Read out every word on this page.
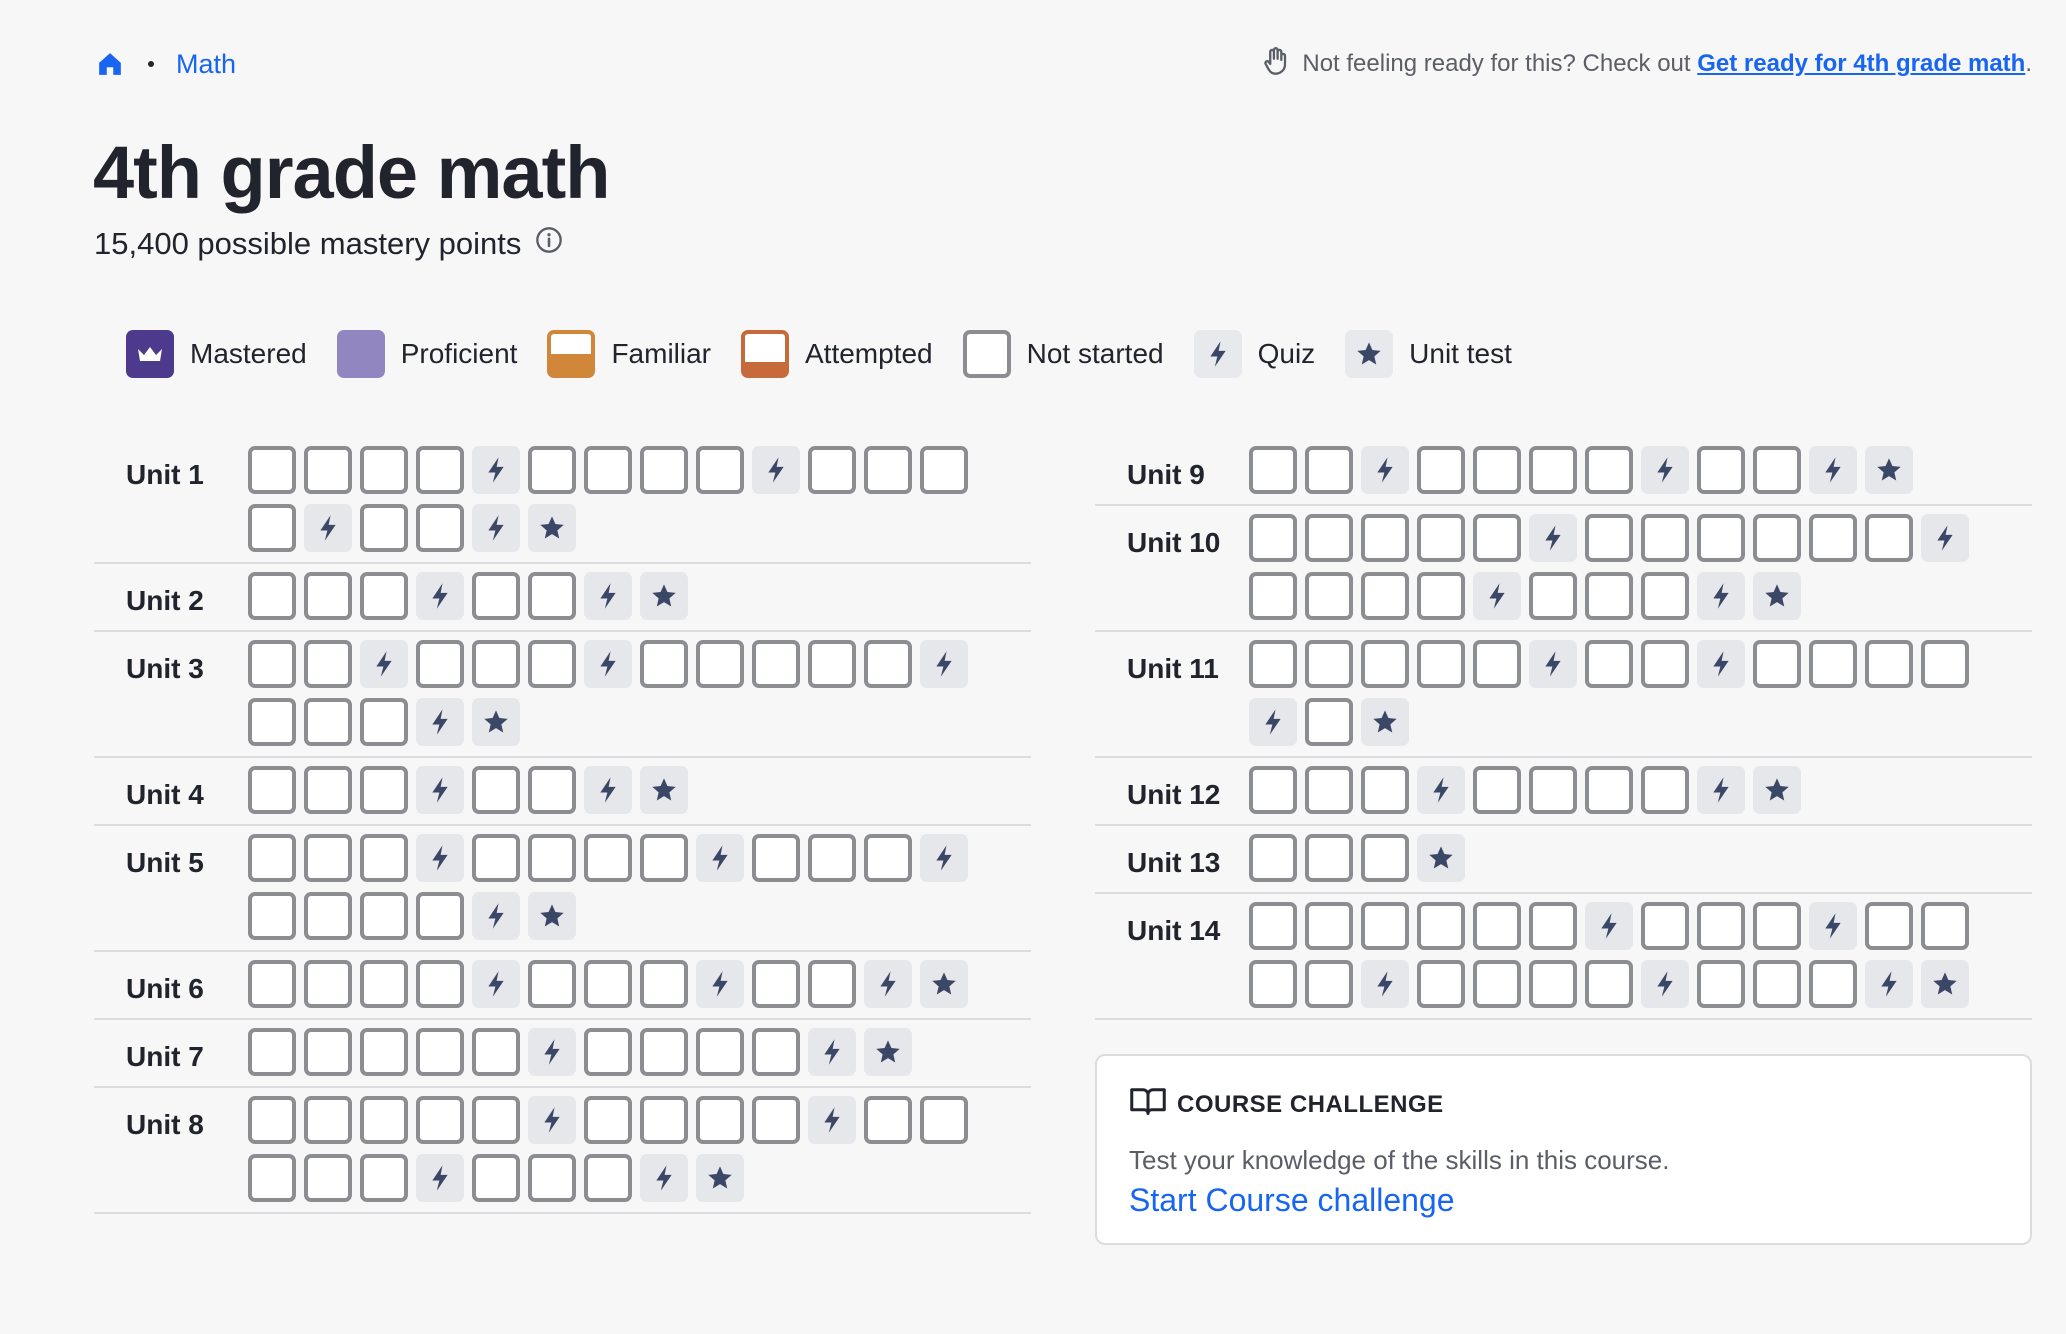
Math	Not feeling ready for this? Check out Get ready for 4th grade math.
4th grade math
15,400 possible mastery points
Mastered	Proficient	Familiar	Attempted	Not started	Quiz	Unit test
Unit 1
Unit 2
Unit 3
Unit 4
Unit 5
Unit 6
Unit 7
Unit 8
Unit 9
Unit 10
Unit 11
Unit 12
Unit 13
Unit 14
COURSE CHALLENGE
Test your knowledge of the skills in this course.
Start Course challenge
